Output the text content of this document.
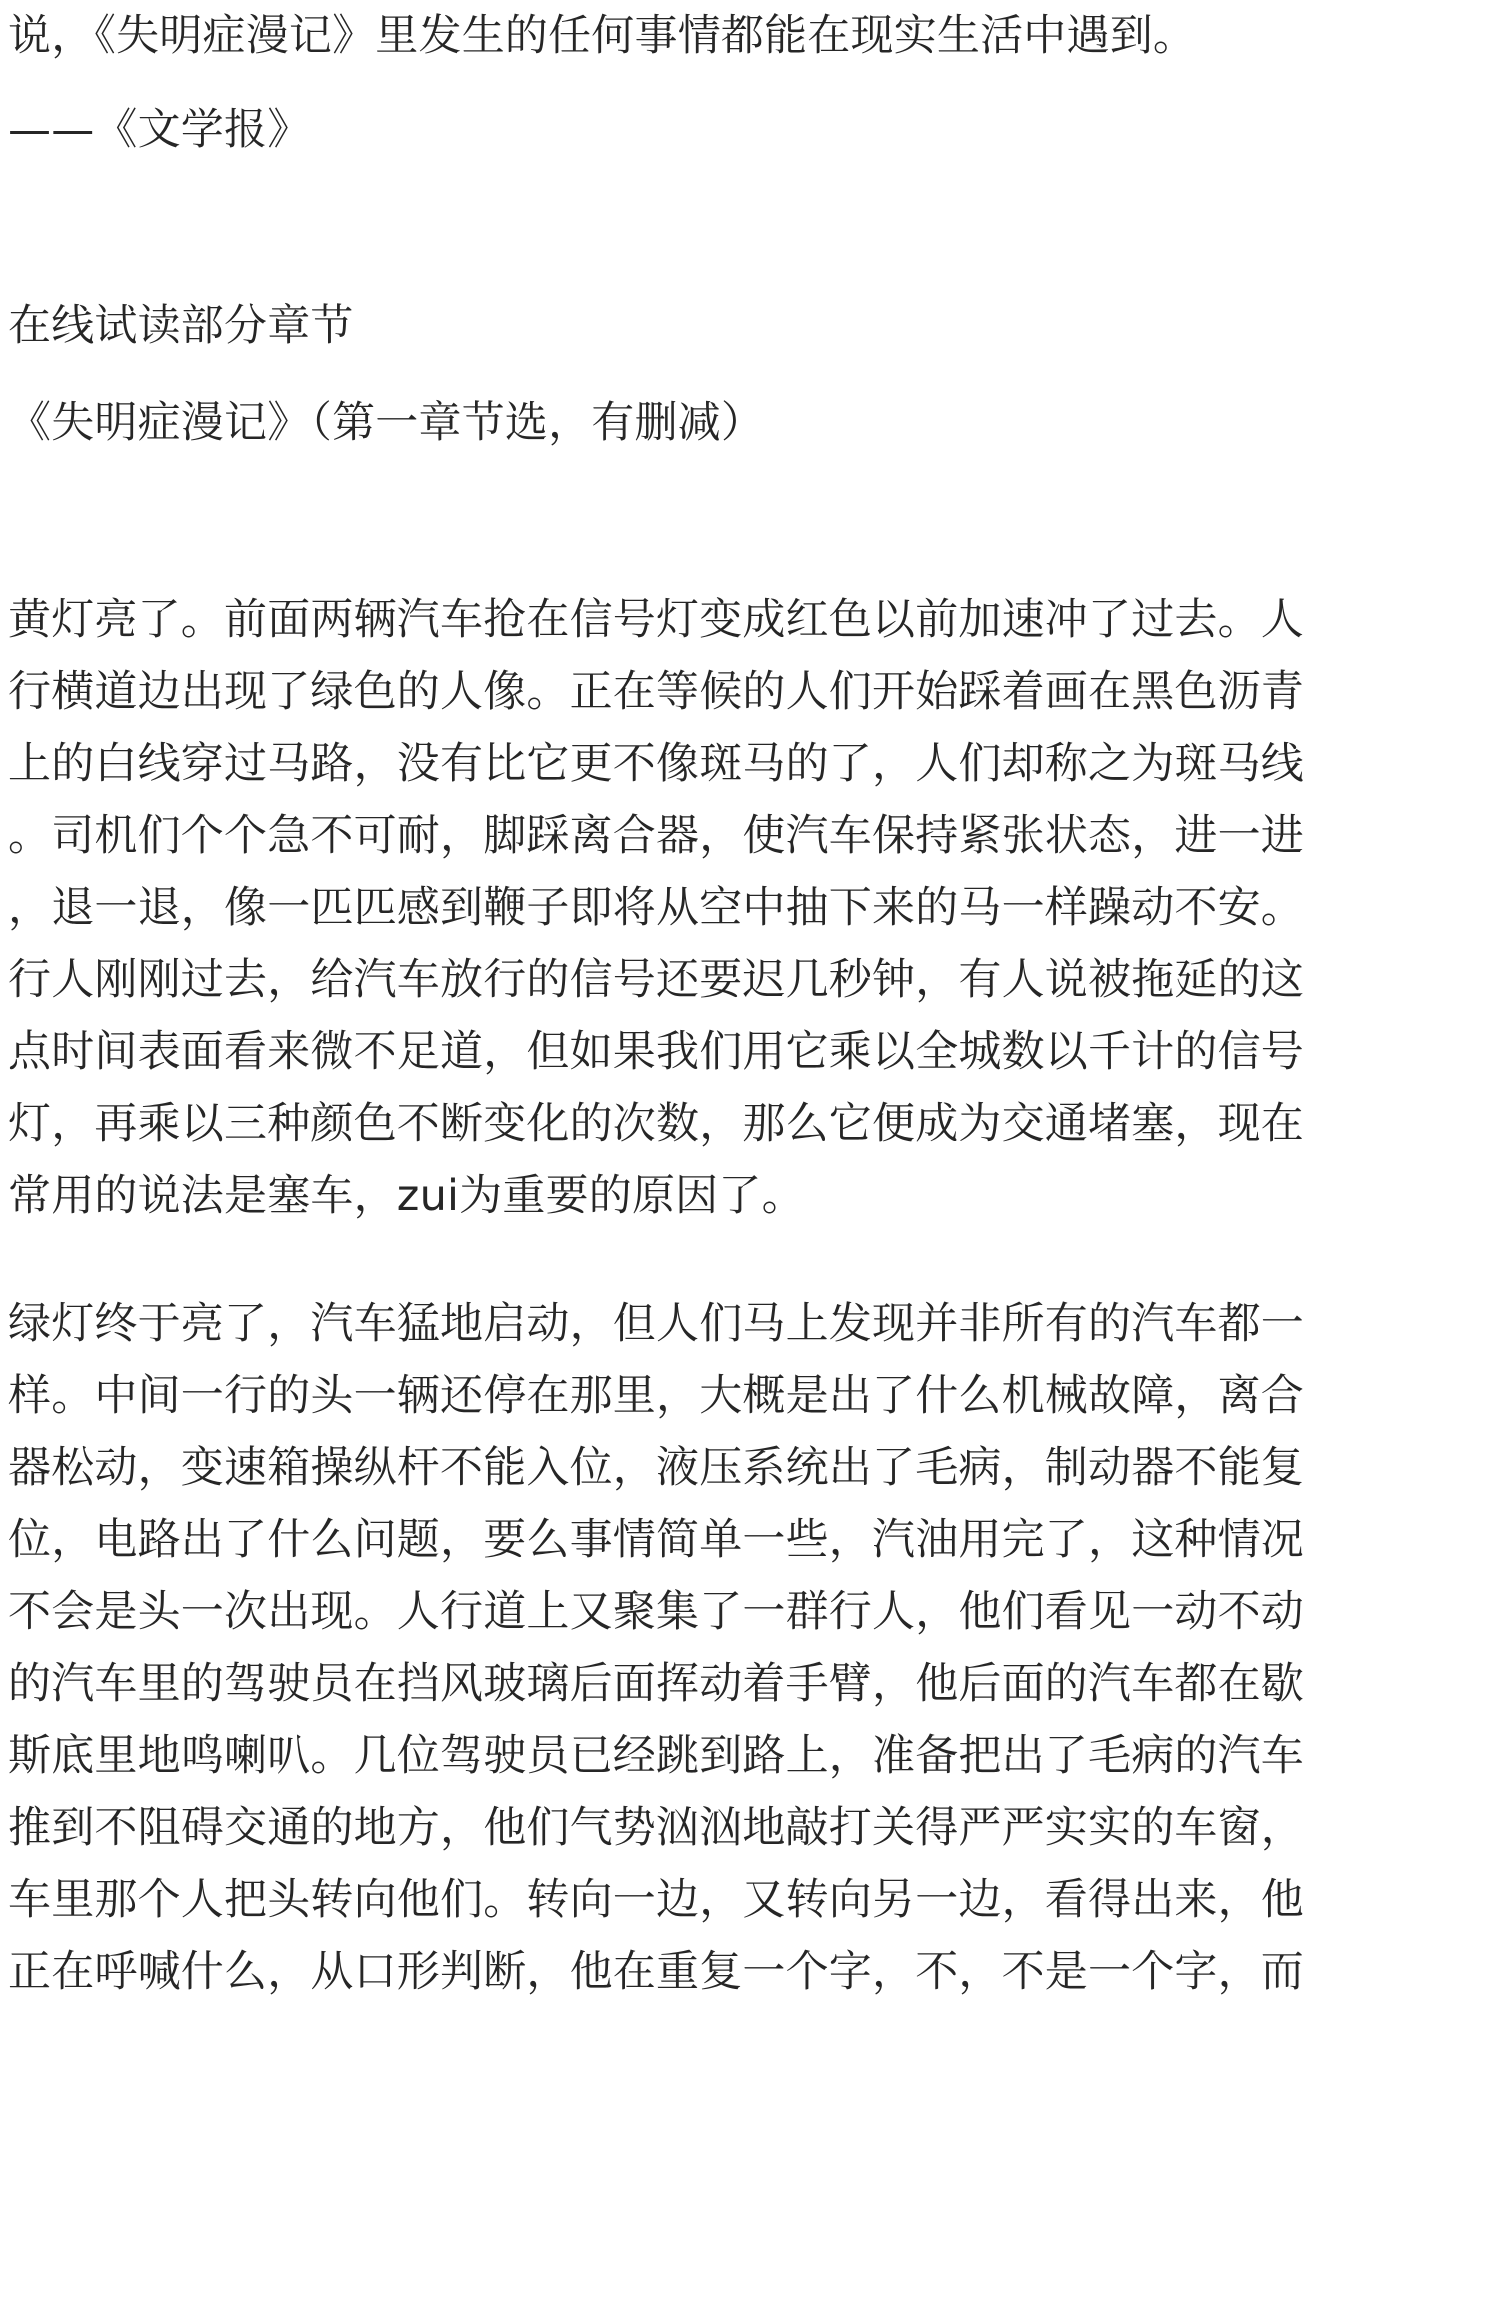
说，《失明症漫记》里发生的任何事情都能在现实生活中遇到。

——《文学报》

在线试读部分章节

《失明症漫记》（第一章节选，有删减）

黄灯亮了。前面两辆汽车抢在信号灯变成红色以前加速冲了过去。人

行横道边出现了绿色的人像。正在等候的人们开始踩着画在黑色沥青

上的白线穿过马路，没有比它更不像斑马的了，人们却称之为斑马线

。司机们个个急不可耐，脚踩离合器，使汽车保持紧张状态，进一进

，退一退，像一匹匹感到鞭子即将从空中抽下来的马一样躁动不安。

行人刚刚过去，给汽车放行的信号还要迟几秒钟，有人说被拖延的这

点时间表面看来微不足道，但如果我们用它乘以全城数以千计的信号

灯，再乘以三种颜色不断变化的次数，那么它便成为交通堵塞，现在

常用的说法是塞车，zui为重要的原因了。

绿灯终于亮了，汽车猛地启动，但人们马上发现并非所有的汽车都一

样。中间一行的头一辆还停在那里，大概是出了什么机械故障，离合

器松动，变速箱操纵杆不能入位，液压系统出了毛病，制动器不能复

位，电路出了什么问题，要么事情简单一些，汽油用完了，这种情况

不会是头一次出现。人行道上又聚集了一群行人，他们看见一动不动

的汽车里的驾驶员在挡风玻璃后面挥动着手臂，他后面的汽车都在歇

斯底里地鸣喇叭。几位驾驶员已经跳到路上，准备把出了毛病的汽车

推到不阻碍交通的地方，他们气势汹汹地敲打关得严严实实的车窗，

车里那个人把头转向他们。转向一边，又转向另一边，看得出来，他

正在呼喊什么，从口形判断，他在重复一个字，不，不是一个字，而
